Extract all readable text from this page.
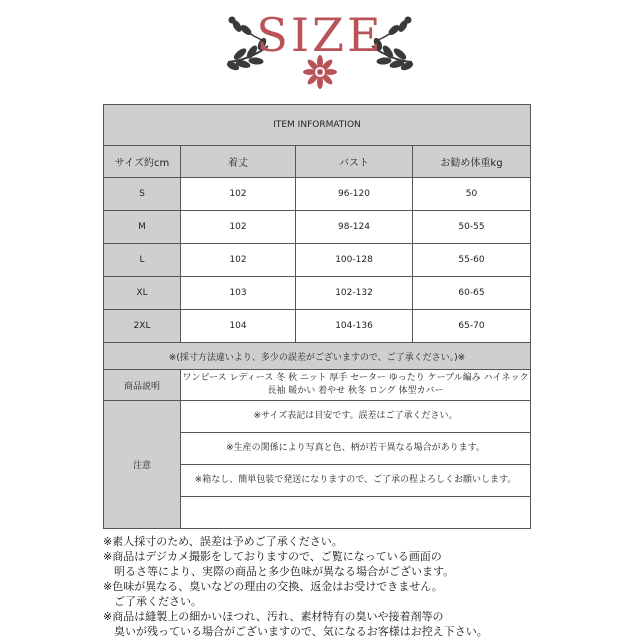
SIZE
ITEM INFORMATION			
サイズ約cm	着丈	バスト	お勧め体重kg
S	102	96-120	50
M	102	98-124	50-55
L	102	100-128	55-60
XL	103	102-132	60-65
2XL	104	104-136	65-70
※(採寸方法違いより、多少の誤差がございますので、ご了承ください。)※			
商品説明	ワンピース レディース 冬 秋 ニット 厚手 セーター ゆったり ケーブル編み ハイネック 長袖 暖かい 着やせ 秋冬 ロング 体型カバー		
注意	※サイズ表記は目安です。誤差はご了承ください。		
	※生産の関係により写真と色、柄が若干異なる場合があります。		
	※箱なし、簡単包装で発送になりますので、ご了承の程よろしくお願いします。		

※素人採寸のため、誤差は予めご了承ください。
※商品はデジカメ撮影をしておりますので、ご覧になっている画面の
　明るさ等により、実際の商品と多少色味が異なる場合がございます。
※色味が異なる、臭いなどの理由の交換、返金はお受けできません。
　ご了承ください。
※商品は縫製上の細かいほつれ、汚れ、素材特有の臭いや接着剤等の
　臭いが残っている場合がございますので、気になるお客様はお控え下さい。
